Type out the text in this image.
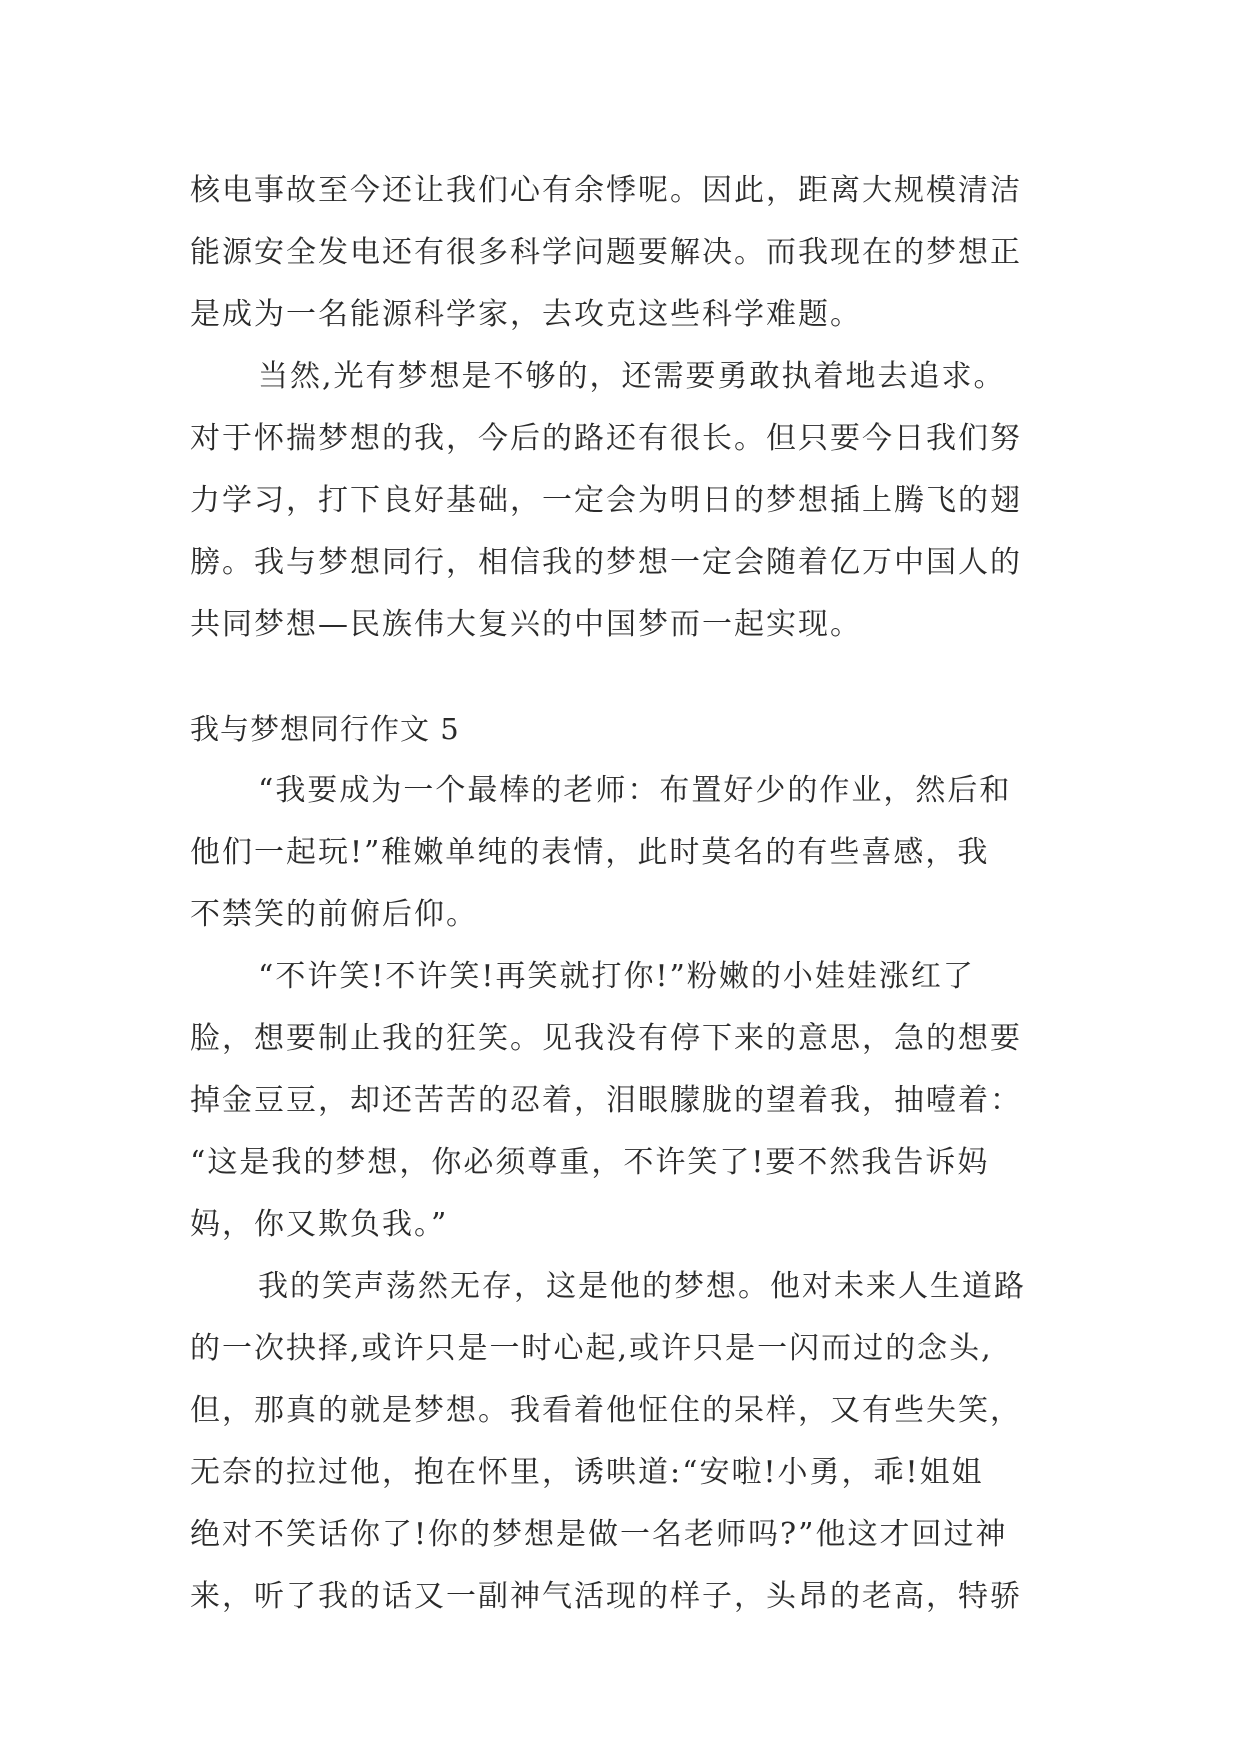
核电事故至今还让我们心有余悸呢。因此，距离大规模清洁
能源安全发电还有很多科学问题要解决。而我现在的梦想正
是成为一名能源科学家，去攻克这些科学难题。
当然,光有梦想是不够的，还需要勇敢执着地去追求。
对于怀揣梦想的我，今后的路还有很长。但只要今日我们努
力学习，打下良好基础，一定会为明日的梦想插上腾飞的翅
膀。我与梦想同行，相信我的梦想一定会随着亿万中国人的
共同梦想—民族伟大复兴的中国梦而一起实现。
我与梦想同行作文 5
“我要成为一个最棒的老师：布置好少的作业，然后和
他们一起玩!”稚嫩单纯的表情，此时莫名的有些喜感，我
不禁笑的前俯后仰。
“不许笑!不许笑!再笑就打你!”粉嫩的小娃娃涨红了
脸，想要制止我的狂笑。见我没有停下来的意思，急的想要
掉金豆豆，却还苦苦的忍着，泪眼朦胧的望着我，抽噎着：
“这是我的梦想，你必须尊重，不许笑了!要不然我告诉妈
妈，你又欺负我。”
我的笑声荡然无存，这是他的梦想。他对未来人生道路
的一次抉择,或许只是一时心起,或许只是一闪而过的念头,
但，那真的就是梦想。我看着他怔住的呆样，又有些失笑，
无奈的拉过他，抱在怀里，诱哄道:“安啦!小勇，乖!姐姐
绝对不笑话你了!你的梦想是做一名老师吗?”他这才回过神
来，听了我的话又一副神气活现的样子，头昂的老高，特骄
